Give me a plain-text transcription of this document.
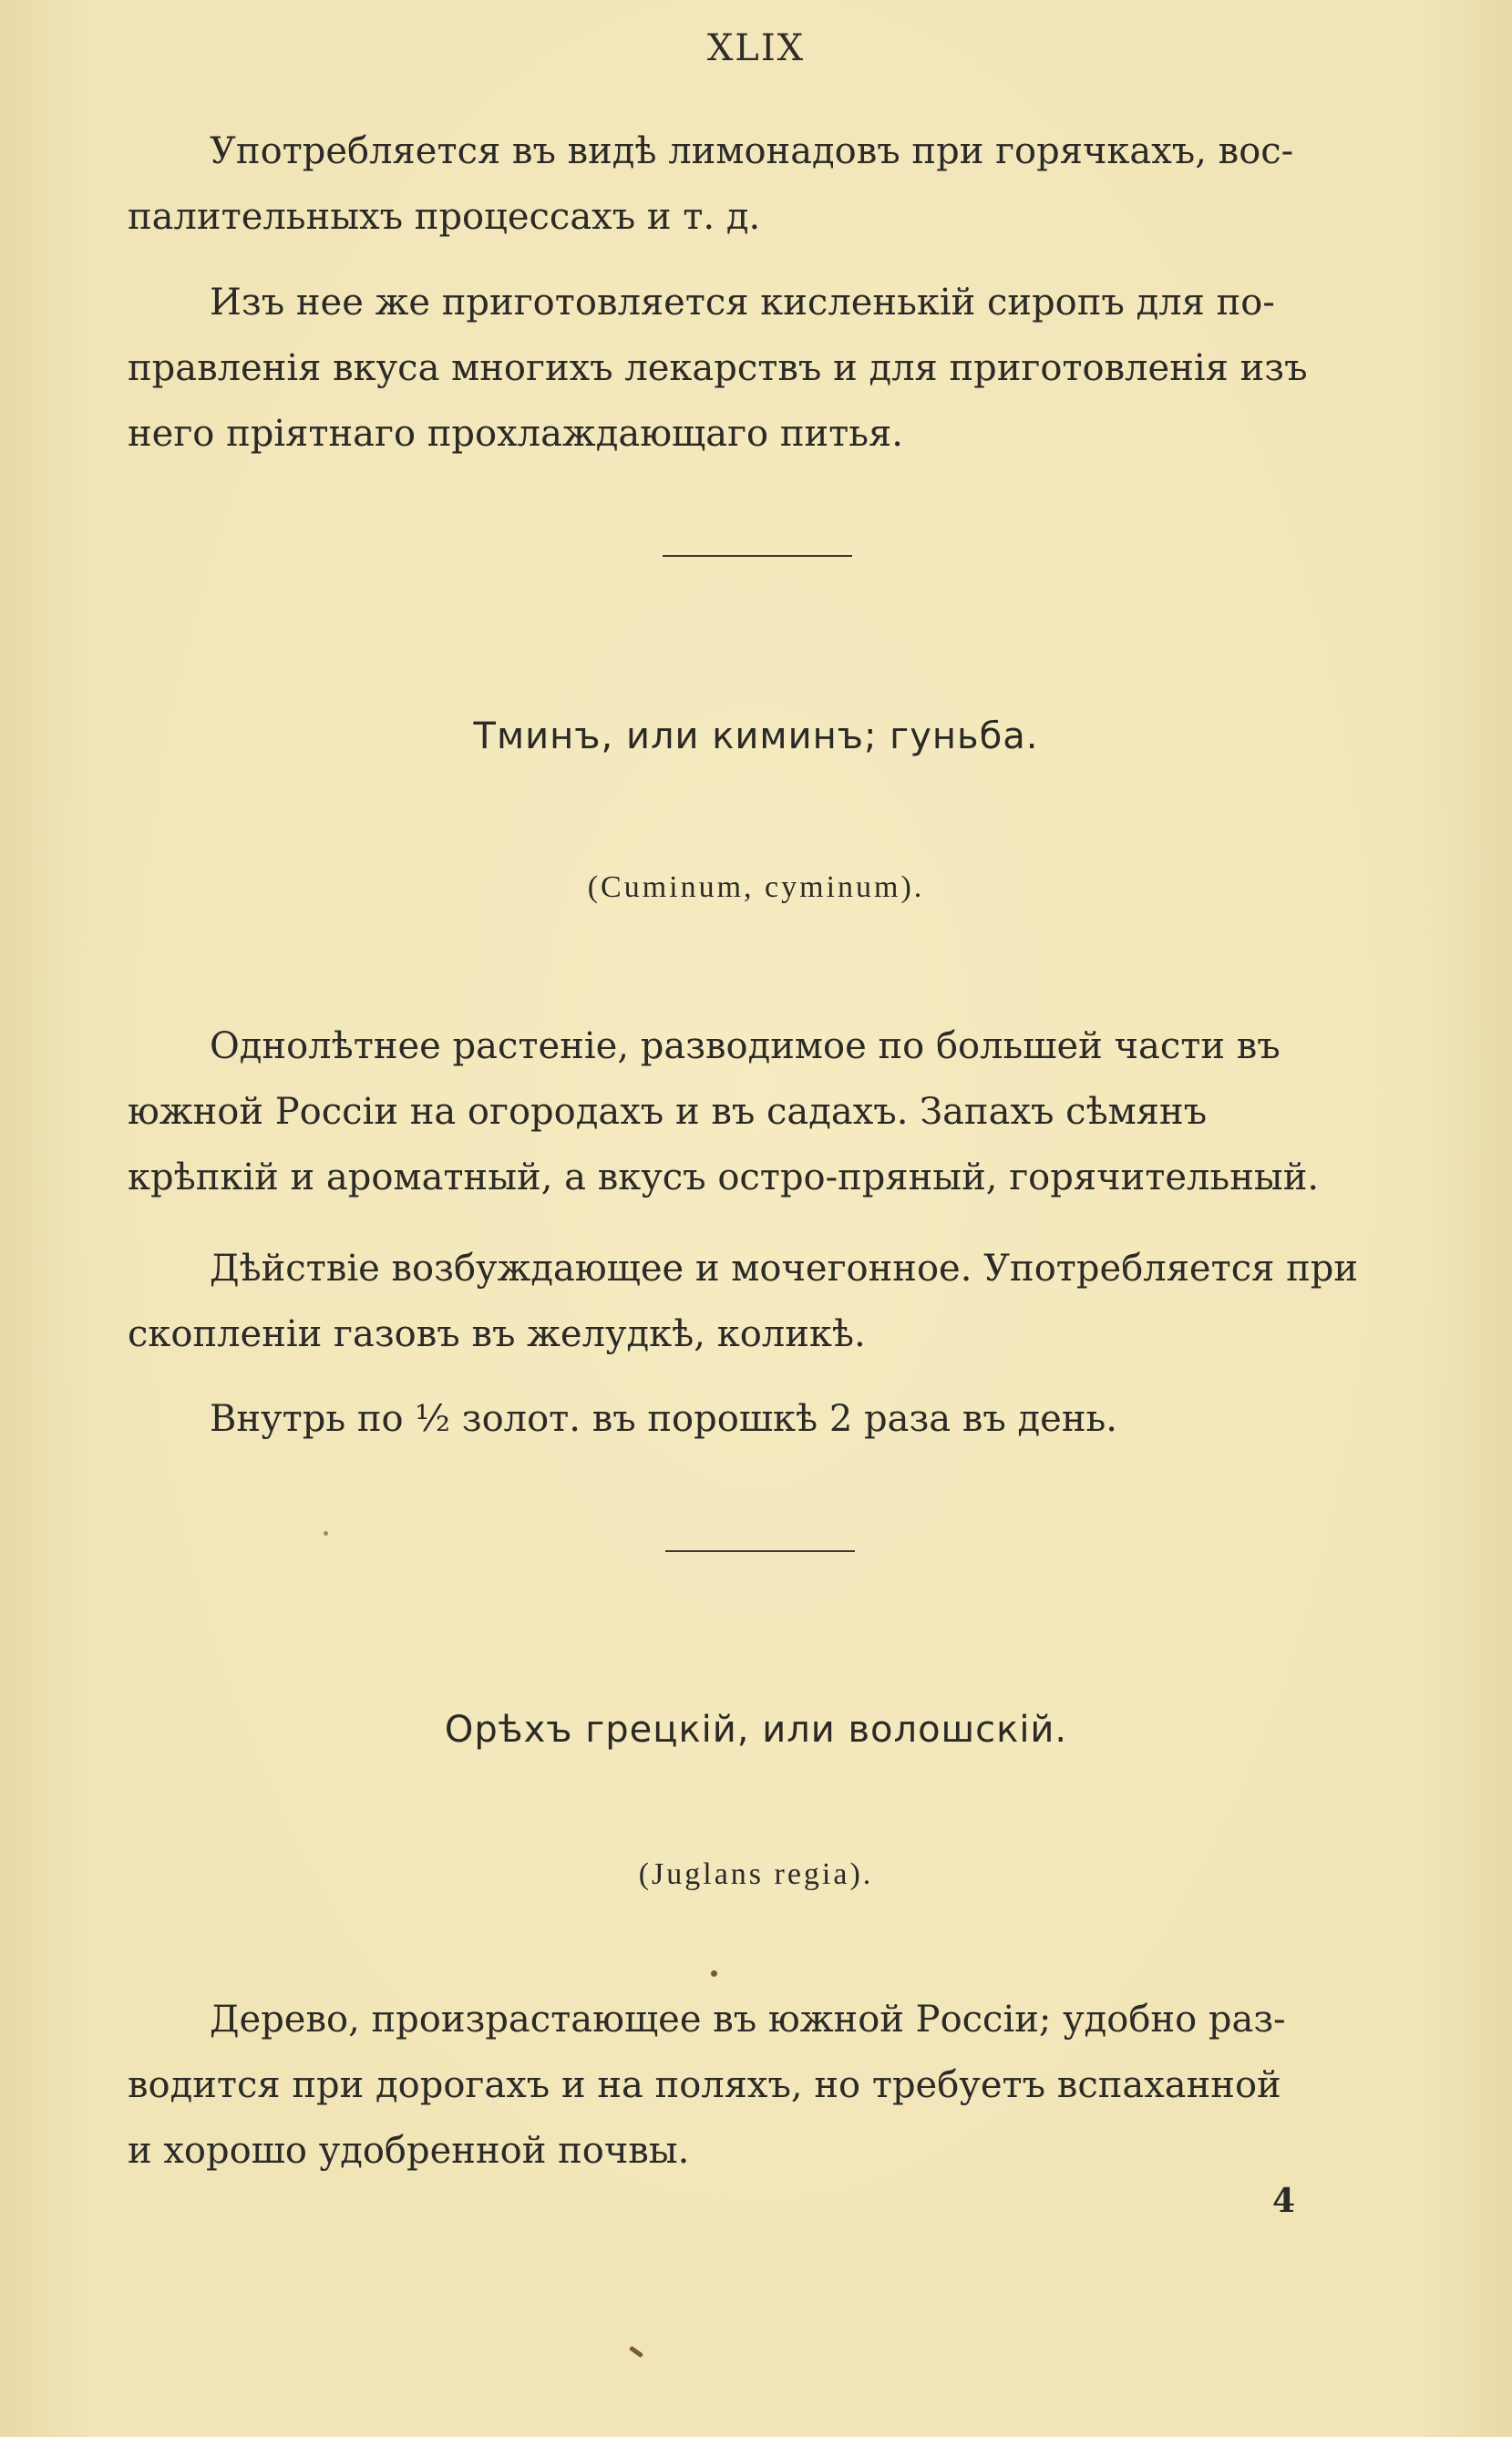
XLIX
Употребляется въ видѣ лимонадовъ при горячкахъ, вос-
палительныхъ процессахъ и т. д.
Изъ нее же приготовляется кисленькій сиропъ для по-
правленія вкуса многихъ лекарствъ и для приготовленія изъ
него пріятнаго прохлаждающаго питья.
Тминъ, или киминъ; гуньба.
(Cuminum, cyminum).
Однолѣтнее растеніе, разводимое по большей части въ
южной Россіи на огородахъ и въ садахъ. Запахъ сѣмянъ
крѣпкій и ароматный, а вкусъ остро-пряный, горячительный.
Дѣйствіе возбуждающее и мочегонное. Употребляется при
скопленіи газовъ въ желудкѣ, коликѣ.
Внутрь по ½ золот. въ порошкѣ 2 раза въ день.
Орѣхъ грецкій, или волошскій.
(Juglans regia).
Дерево, произрастающее въ южной Россіи; удобно раз-
водится при дорогахъ и на поляхъ, но требуетъ вспаханной
и хорошо удобренной почвы.
4
